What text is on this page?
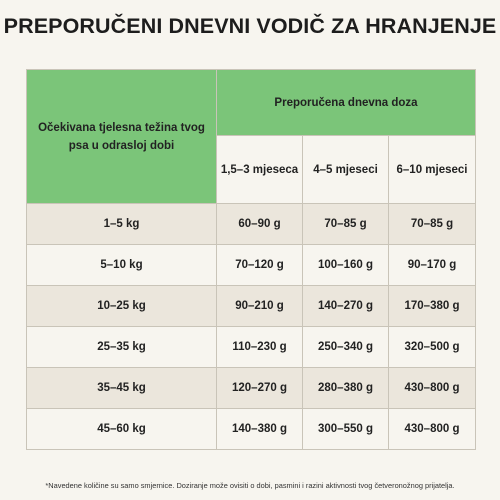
PREPORUČENI DNEVNI VODIČ ZA HRANJENJE
Očekivana tjelesna težina tvog psa u odrasloj dobi	Preporučena dnevna doza		
	1,5–3 mjeseca	4–5 mjeseci	6–10 mjeseci
1–5 kg	60–90 g	70–85 g	70–85 g
5–10 kg	70–120 g	100–160 g	90–170 g
10–25 kg	90–210 g	140–270 g	170–380 g
25–35 kg	110–230 g	250–340 g	320–500 g
35–45 kg	120–270 g	280–380 g	430–800 g
45–60 kg	140–380 g	300–550 g	430–800 g
*Navedene količine su samo smjernice. Doziranje može ovisiti o dobi, pasmini i razini aktivnosti tvog četveronožnog prijatelja.
